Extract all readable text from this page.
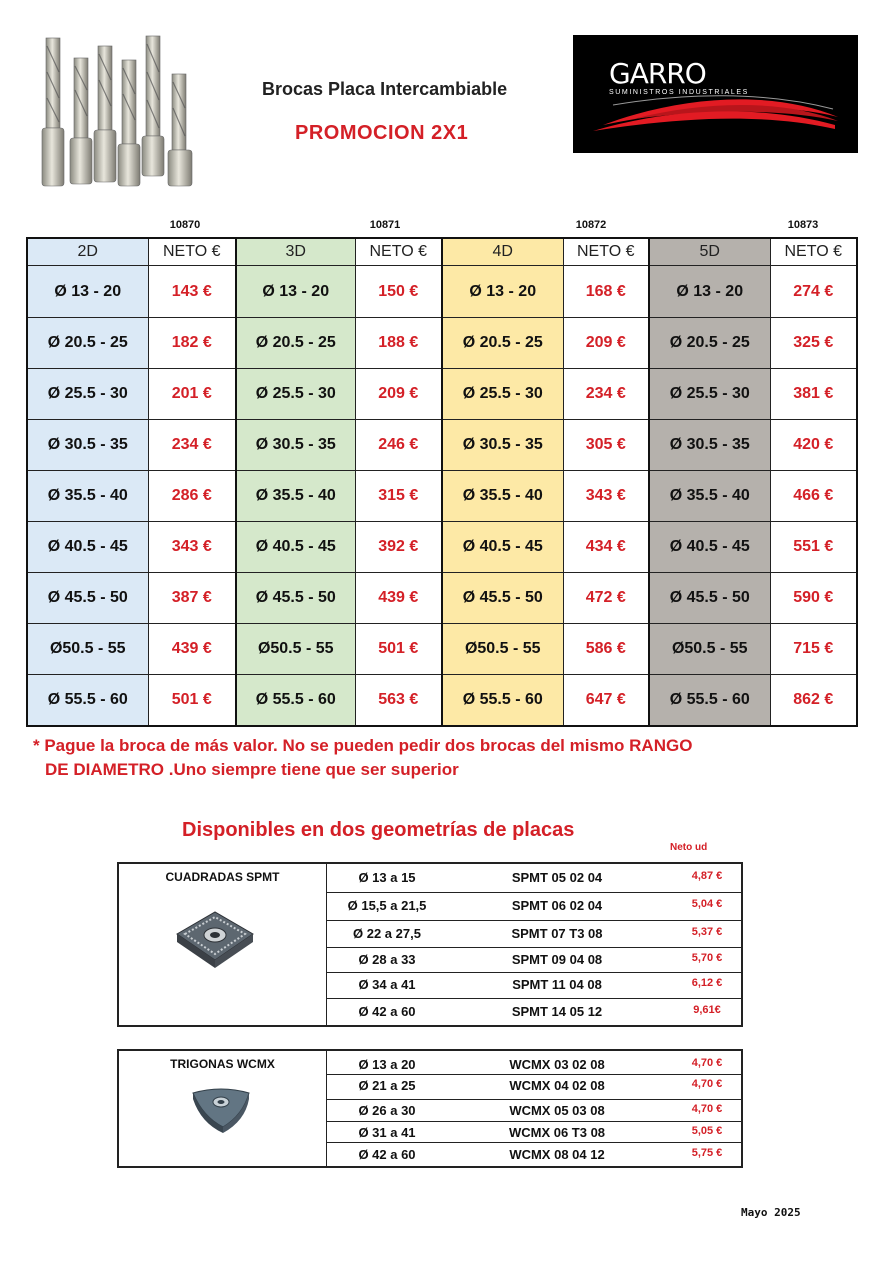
Brocas Placa Intercambiable
PROMOCION 2X1
GARRO
SUMINISTROS INDUSTRIALES
10870	10871	10872	10873
2D	NETO €	3D	NETO €	4D	NETO €	5D	NETO €
Ø 13 - 20	143 €	Ø 13 - 20	150 €	Ø 13 - 20	168 €	Ø 13 - 20	274 €
Ø 20.5 - 25	182 €	Ø 20.5 - 25	188 €	Ø 20.5 - 25	209 €	Ø 20.5 - 25	325 €
Ø 25.5 - 30	201 €	Ø 25.5 - 30	209 €	Ø 25.5 - 30	234 €	Ø 25.5 - 30	381 €
Ø 30.5 - 35	234 €	Ø 30.5 - 35	246 €	Ø 30.5 - 35	305 €	Ø 30.5 - 35	420 €
Ø 35.5 - 40	286 €	Ø 35.5 - 40	315 €	Ø 35.5 - 40	343 €	Ø 35.5 - 40	466 €
Ø 40.5 - 45	343 €	Ø 40.5 - 45	392 €	Ø 40.5 - 45	434 €	Ø 40.5 - 45	551 €
Ø 45.5 - 50	387 €	Ø 45.5 - 50	439 €	Ø 45.5 - 50	472 €	Ø 45.5 - 50	590 €
Ø50.5 - 55	439 €	Ø50.5 - 55	501 €	Ø50.5 - 55	586 €	Ø50.5 - 55	715 €
Ø 55.5 - 60	501 €	Ø 55.5 - 60	563 €	Ø 55.5 - 60	647 €	Ø 55.5 - 60	862 €
* Pague la broca de más valor. No se pueden pedir dos brocas del mismo RANGO
DE DIAMETRO .Uno siempre tiene que ser superior
Disponibles en dos geometrías de placas
Neto ud
CUADRADAS SPMT	Ø 13 a 15	SPMT 05 02 04	4,87 €
Ø 15,5 a 21,5	SPMT 06 02 04	5,04 €
Ø 22 a 27,5	SPMT 07 T3 08	5,37 €
Ø 28 a 33	SPMT 09 04 08	5,70 €
Ø 34 a 41	SPMT 11 04 08	6,12 €
Ø 42 a 60	SPMT 14 05 12	9,61€
TRIGONAS WCMX	Ø 13 a 20	WCMX 03 02 08	4,70 €
Ø 21 a 25	WCMX 04 02 08	4,70 €
Ø 26 a 30	WCMX 05 03 08	4,70 €
Ø 31 a 41	WCMX 06 T3 08	5,05 €
Ø 42 a 60	WCMX 08 04 12	5,75 €
Mayo 2025
